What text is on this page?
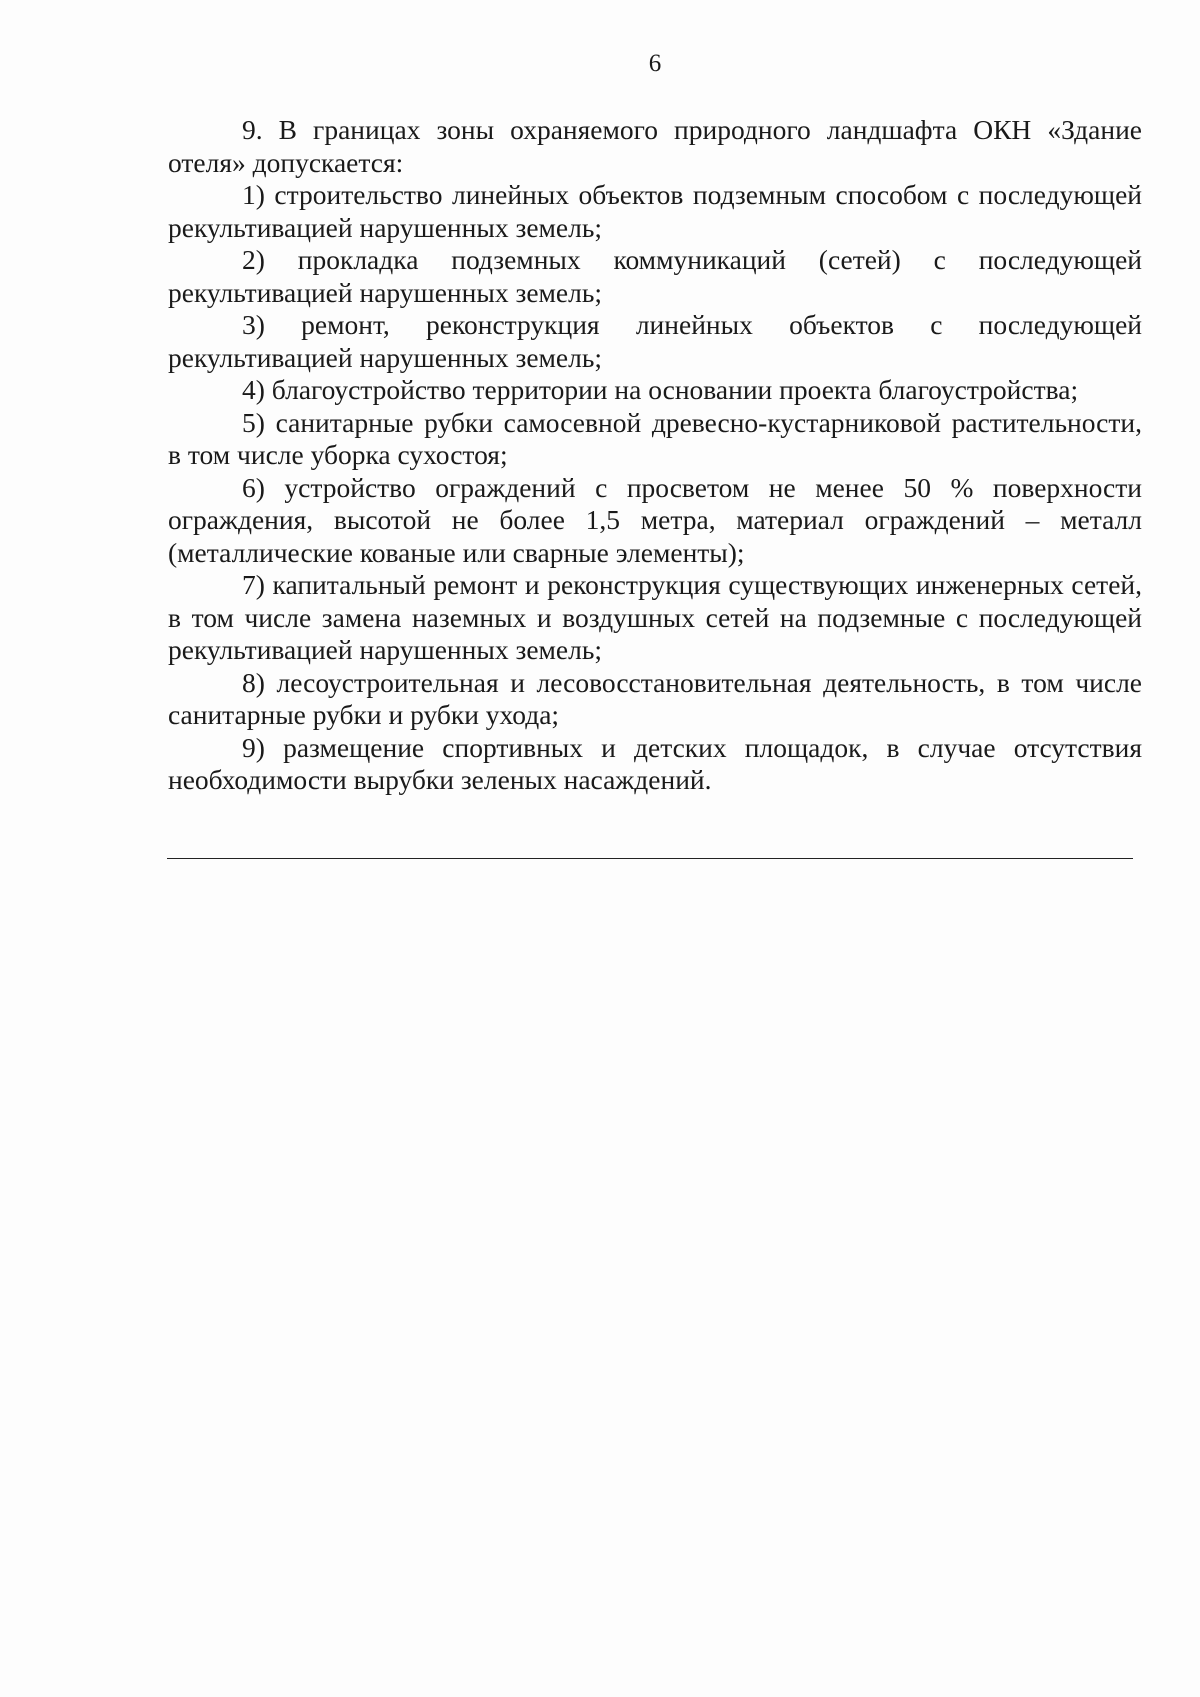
6

9. В границах зоны охраняемого природного ландшафта ОКН «Здание отеля» допускается:

1) строительство линейных объектов подземным способом с последующей рекультивацией нарушенных земель;

2) прокладка подземных коммуникаций (сетей) с последующей рекультивацией нарушенных земель;

3) ремонт, реконструкция линейных объектов с последующей рекультивацией нарушенных земель;

4) благоустройство территории на основании проекта благоустройства;

5) санитарные рубки самосевной древесно-кустарниковой растительности, в том числе уборка сухостоя;

6) устройство ограждений с просветом не менее 50 % поверхности ограждения, высотой не более 1,5 метра, материал ограждений – металл (металлические кованые или сварные элементы);

7) капитальный ремонт и реконструкция существующих инженерных сетей, в том числе замена наземных и воздушных сетей на подземные с последующей рекультивацией нарушенных земель;

8) лесоустроительная и лесовосстановительная деятельность, в том числе санитарные рубки и рубки ухода;

9) размещение спортивных и детских площадок, в случае отсутствия необходимости вырубки зеленых насаждений.
